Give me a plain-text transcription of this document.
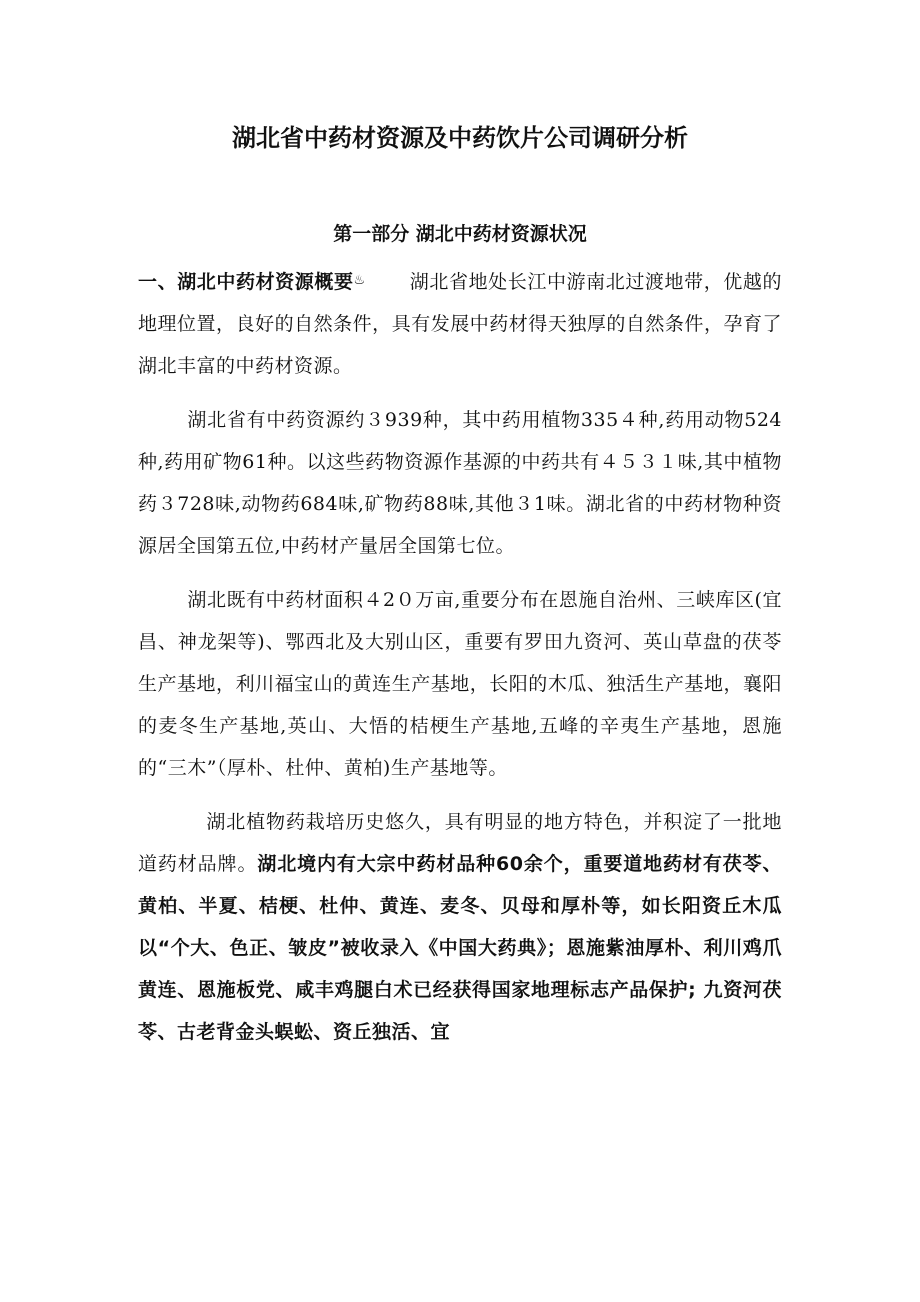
湖北省中药材资源及中药饮片公司调研分析
第一部分 湖北中药材资源状况

一、湖北中药材资源概要♨ 湖北省地处长江中游南北过渡地带，优越的地理位置，良好的自然条件，具有发展中药材得天独厚的自然条件，孕育了湖北丰富的中药材资源。

湖北省有中药资源约３939种，其中药用植物335４种,药用动物524种,药用矿物61种。以这些药物资源作基源的中药共有４５３１味,其中植物药３728味,动物药684味,矿物药88味,其他３1味。湖北省的中药材物种资源居全国第五位,中药材产量居全国第七位。

湖北既有中药材面积４2０万亩,重要分布在恩施自治州、三峡库区(宜昌、神龙架等)、鄂西北及大别山区，重要有罗田九资河、英山草盘的茯苓生产基地，利川福宝山的黄连生产基地，长阳的木瓜、独活生产基地，襄阳的麦冬生产基地,英山、大悟的桔梗生产基地,五峰的辛夷生产基地，恩施的“三木”（厚朴、杜仲、黄柏)生产基地等。

湖北植物药栽培历史悠久，具有明显的地方特色，并积淀了一批地道药材品牌。湖北境内有大宗中药材品种60余个，重要道地药材有茯苓、黄柏、半夏、桔梗、杜仲、黄连、麦冬、贝母和厚朴等，如长阳资丘木瓜以“个大、色正、皱皮”被收录入《中国大药典》；恩施紫油厚朴、利川鸡爪黄连、恩施板党、咸丰鸡腿白术已经获得国家地理标志产品保护; 九资河茯苓、古老背金头蜈蚣、资丘独活、宜
